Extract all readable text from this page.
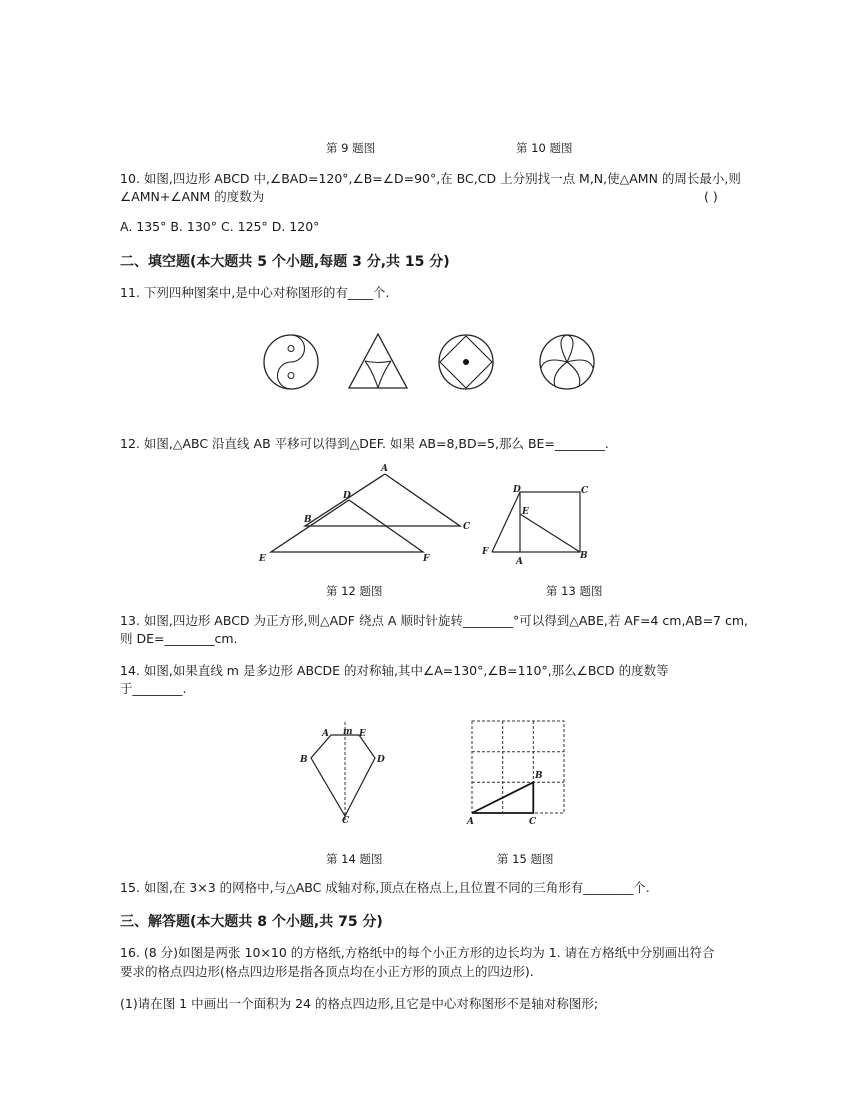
第 9 题图	第 10 题图
10. 如图,四边形 ABCD 中,∠BAD=120°,∠B=∠D=90°,在 BC,CD 上分别找一点 M,N,使△AMN 的周长最小,则
∠AMN+∠ANM 的度数为	( )
A. 135° B. 130° C. 125° D. 120°
二、填空题(本大题共 5 个小题,每题 3 分,共 15 分)
11. 下列四种图案中,是中心对称图形的有____个.
12. 如图,△ABC 沿直线 AB 平移可以得到△DEF. 如果 AB=8,BD=5,那么 BE=________.
A
C
D
B
E	F
D	C
E
F
A
B
第 12 题图	第 13 题图
13. 如图,四边形 ABCD 为正方形,则△ADF 绕点 A 顺时针旋转________°可以得到△ABE,若 AF=4 cm,AB=7 cm,
则 DE=________cm.
14. 如图,如果直线 m 是多边形 ABCDE 的对称轴,其中∠A=130°,∠B=110°,那么∠BCD 的度数等
于________.
A m E
B	D
C
B
A	C
第 14 题图	第 15 题图
15. 如图,在 3×3 的网格中,与△ABC 成轴对称,顶点在格点上,且位置不同的三角形有________个.
三、解答题(本大题共 8 个小题,共 75 分)
16. (8 分)如图是两张 10×10 的方格纸,方格纸中的每个小正方形的边长均为 1. 请在方格纸中分别画出符合
要求的格点四边形(格点四边形是指各顶点均在小正方形的顶点上的四边形).
(1)请在图 1 中画出一个面积为 24 的格点四边形,且它是中心对称图形不是轴对称图形;
